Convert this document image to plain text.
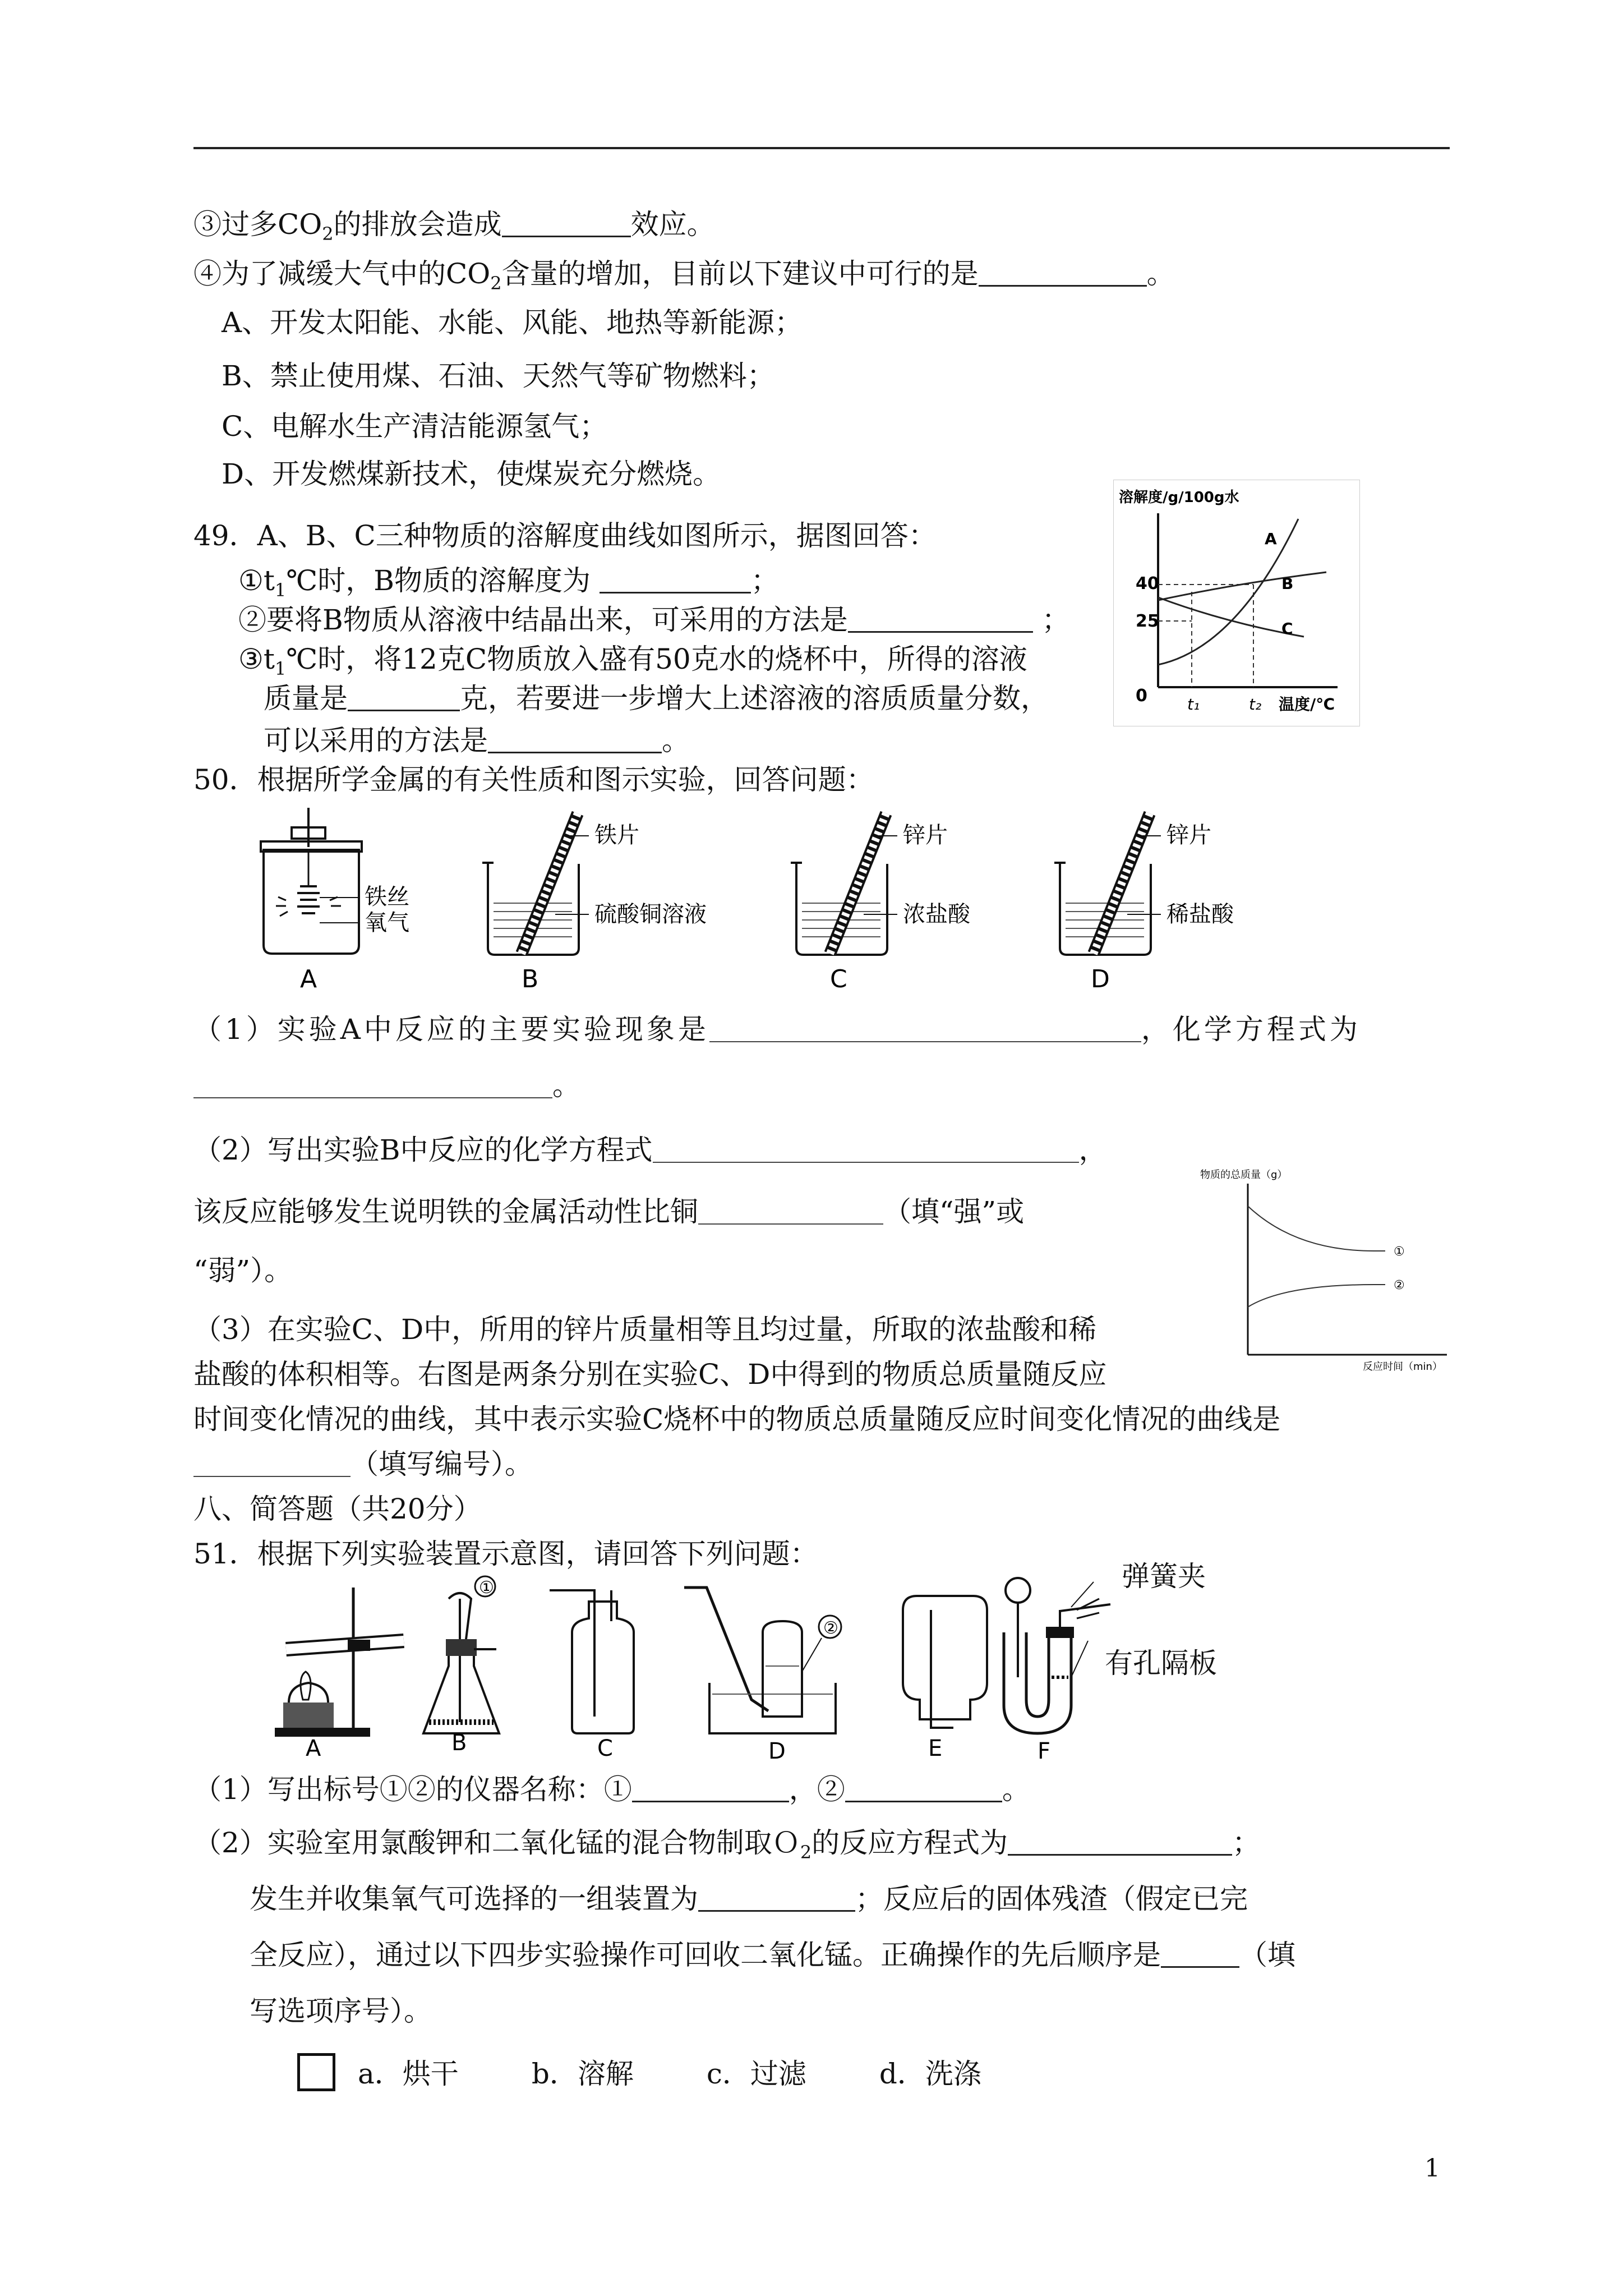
③过多$CO_2$的排放会造成	效应。
④为了减缓大气中的$CO_2$含量的增加，目前以下建议中可行的是	。
A、开发太阳能、水能、风能、地热等新能源；
B、禁止使用煤、石油、天然气等矿物燃料；
C、电解水生产清洁能源氢气；
D、开发燃煤新技术，使煤炭充分燃烧。
49．A、B、C三种物质的溶解度曲线如图所示，据图回答：
$①t_1℃$时，B物质的溶解度为	；
②要将B物质从溶液中结晶出来，可采用的方法是	；
$③t_1℃$时，将12克C物质放入盛有50克水的烧杯中，所得的溶液
质量是	克，若要进一步增大上述溶液的溶质质量分数，
可以采用的方法是	。
溶解度/g/100g水
0
40
25
t₁	t₂ 温度/℃
A
B
C
50．根据所学金属的有关性质和图示实验，回答问题：
铁丝
氧气
A
铁片
硫酸铜溶液
B
锌片
浓盐酸
C
锌片
稀盐酸
D
（1）实验A中反应的主要实验现象是	，化学方程式为
。
（2）写出实验B中反应的化学方程式	，
该反应能够发生说明铁的金属活动性比铜	（填“强”或
“弱”）。
（3）在实验C、D中，所用的锌片质量相等且均过量，所取的浓盐酸和稀
盐酸的体积相等。右图是两条分别在实验C、D中得到的物质总质量随反应
时间变化情况的曲线，其中表示实验C烧杯中的物质总质量随反应时间变化情况的曲线是
（填写编号）。
物质的总质量（g）
①
②
反应时间（min）
八、简答题（共20分）
51．根据下列实验装置示意图，请回答下列问题：
A
①
B	C
②
D	E	F
弹簧夹
有孔隔板
（1）写出标号①②的仪器名称：①	，②	。
（2）实验室用氯酸钾和二氧化锰的混合物制取Ｏ$_2$的反应方程式为	；
发生并收集氧气可选择的一组装置为	；反应后的固体残渣（假定已完
全反应），通过以下四步实验操作可回收二氧化锰。正确操作的先后顺序是	（填
写选项序号）。
a．烘干	b．溶解	c．过滤	d．洗涤
1
